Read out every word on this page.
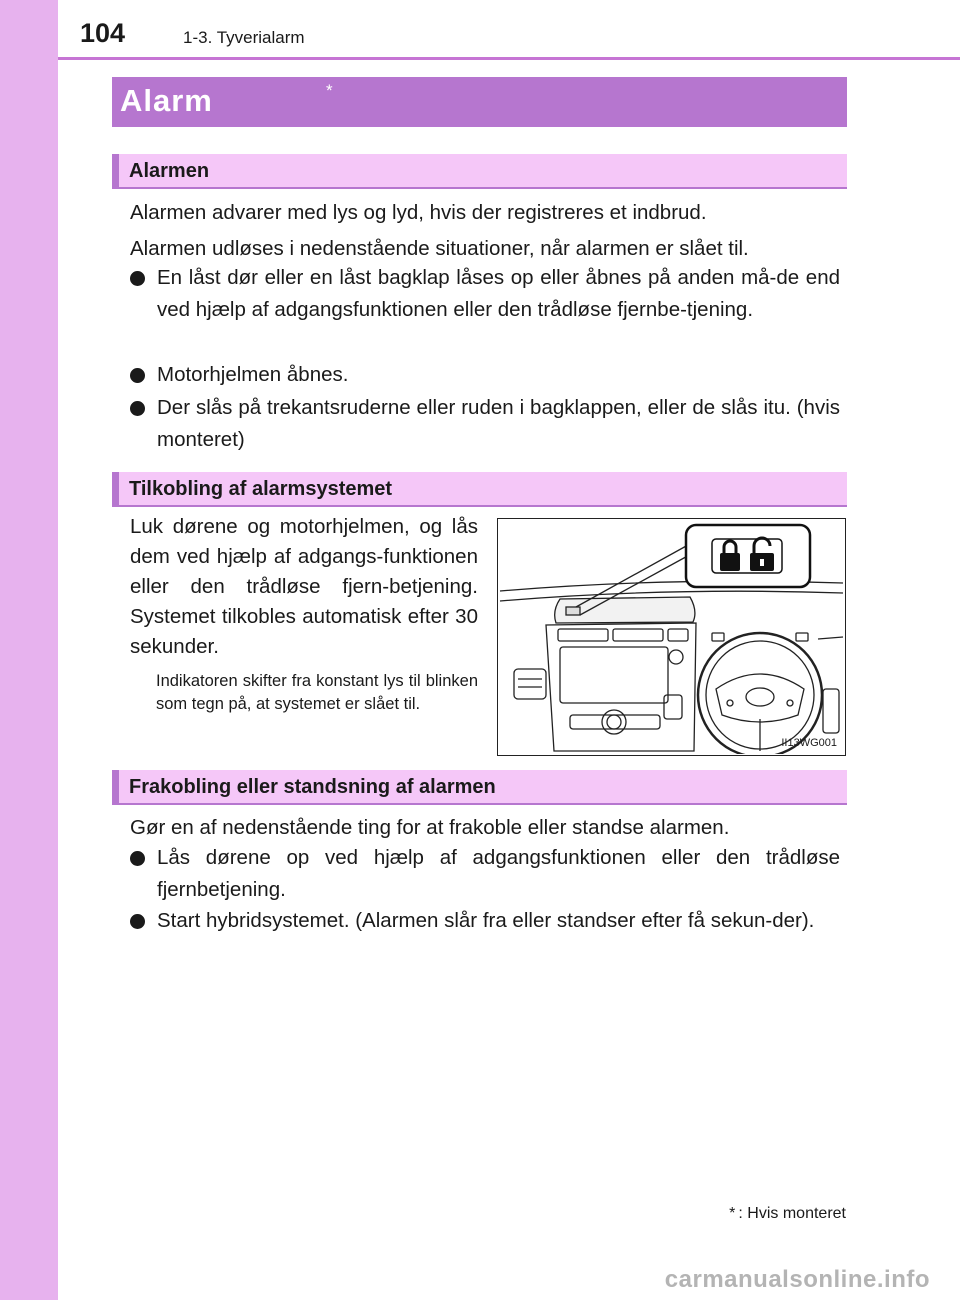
104	1-3. Tyverialarm
Alarm	*
Alarmen

Alarmen advarer med lys og lyd, hvis der registreres et indbrud.

Alarmen udløses i nedenstående situationer, når alarmen er slået til.

En låst dør eller en låst bagklap låses op eller åbnes på anden må-de end ved hjælp af adgangsfunktionen eller den trådløse fjernbe-tjening.
Motorhjelmen åbnes.
Der slås på trekantsruderne eller ruden i bagklappen, eller de slås itu. (hvis monteret)
Tilkobling af alarmsystemet
Luk dørene og motorhjelmen, og lås dem ved hjælp af adgangs-funktionen eller den trådløse fjern-betjening. Systemet tilkobles automatisk efter 30 sekunder.
Indikatoren skifter fra konstant lys til blinken som tegn på, at systemet er slået til.
II13WG001
Frakobling eller standsning af alarmen

Gør en af nedenstående ting for at frakoble eller standse alarmen.

Lås dørene op ved hjælp af adgangsfunktionen eller den trådløse fjernbetjening.
Start hybridsystemet. (Alarmen slår fra eller standser efter få sekun-der).
* : Hvis monteret
carmanualsonline.info
